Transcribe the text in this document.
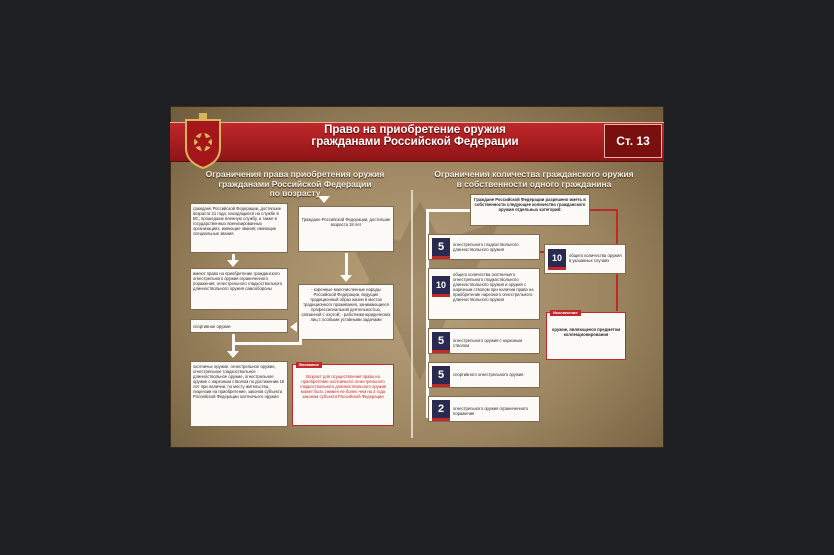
Право на приобретение оружия
гражданами Российской Федерации	Ст. 13
Ограничения права приобретения оружия
гражданами Российской Федерации
по возрасту
Ограничения количества гражданского оружия
в собственности одного гражданина
граждане Российской Федерации, достигшие возраста 21 года; находящиеся на службе в ВС, прошедшие военную службу, а также в государственных военизированных организациях, имеющие звания; имеющие специальные звания
Граждане Российской Федерации, достигшие возраста 18 лет
имеют право на приобретение гражданского огнестрельного оружия ограниченного поражения, огнестрельного гладкоствольного длинноствольного оружия самообороны	- коренные малочисленные народы Российской Федерации, ведущие традиционный образ жизни в местах традиционного проживания, занимающиеся профессиональной деятельностью, связанной с охотой; - работники юридических лиц с особыми уставными задачами
спортивное оружие
охотничье оружие, огнестрельное оружие, огнестрельное гладкоствольное длинноствольное оружие, огнестрельное оружие с нарезным стволом по достижении 18 лет при наличии, по месту жительства, лицензии на приобретение, законов субъекта Российской Федерации охотничьего оружия
Возраст для осуществления права на приобретение охотничьего огнестрельного гладкоствольного длинноствольного оружия может быть снижен не более чем на 2 года законом субъекта Российской Федерации
Внимание
Граждане Российской Федерации разрешено иметь в собственности следующее количество гражданского оружия отдельных категорий:
огнестрельного гладкоствольного длинноствольного оружия
5
общего количества охотничьего огнестрельного гладкоствольного длинноствольного оружия и оружия с нарезным стволом при наличии права на приобретение нарезного огнестрельного длинноствольного оружия
10
общего количества оружия в указанных случаях
10
оружие, являющееся предметом коллекционирования
Исключение
огнестрельного оружия с нарезным стволом
5
спортивного огнестрельного оружия
5
огнестрельного оружия ограниченного поражения
2
